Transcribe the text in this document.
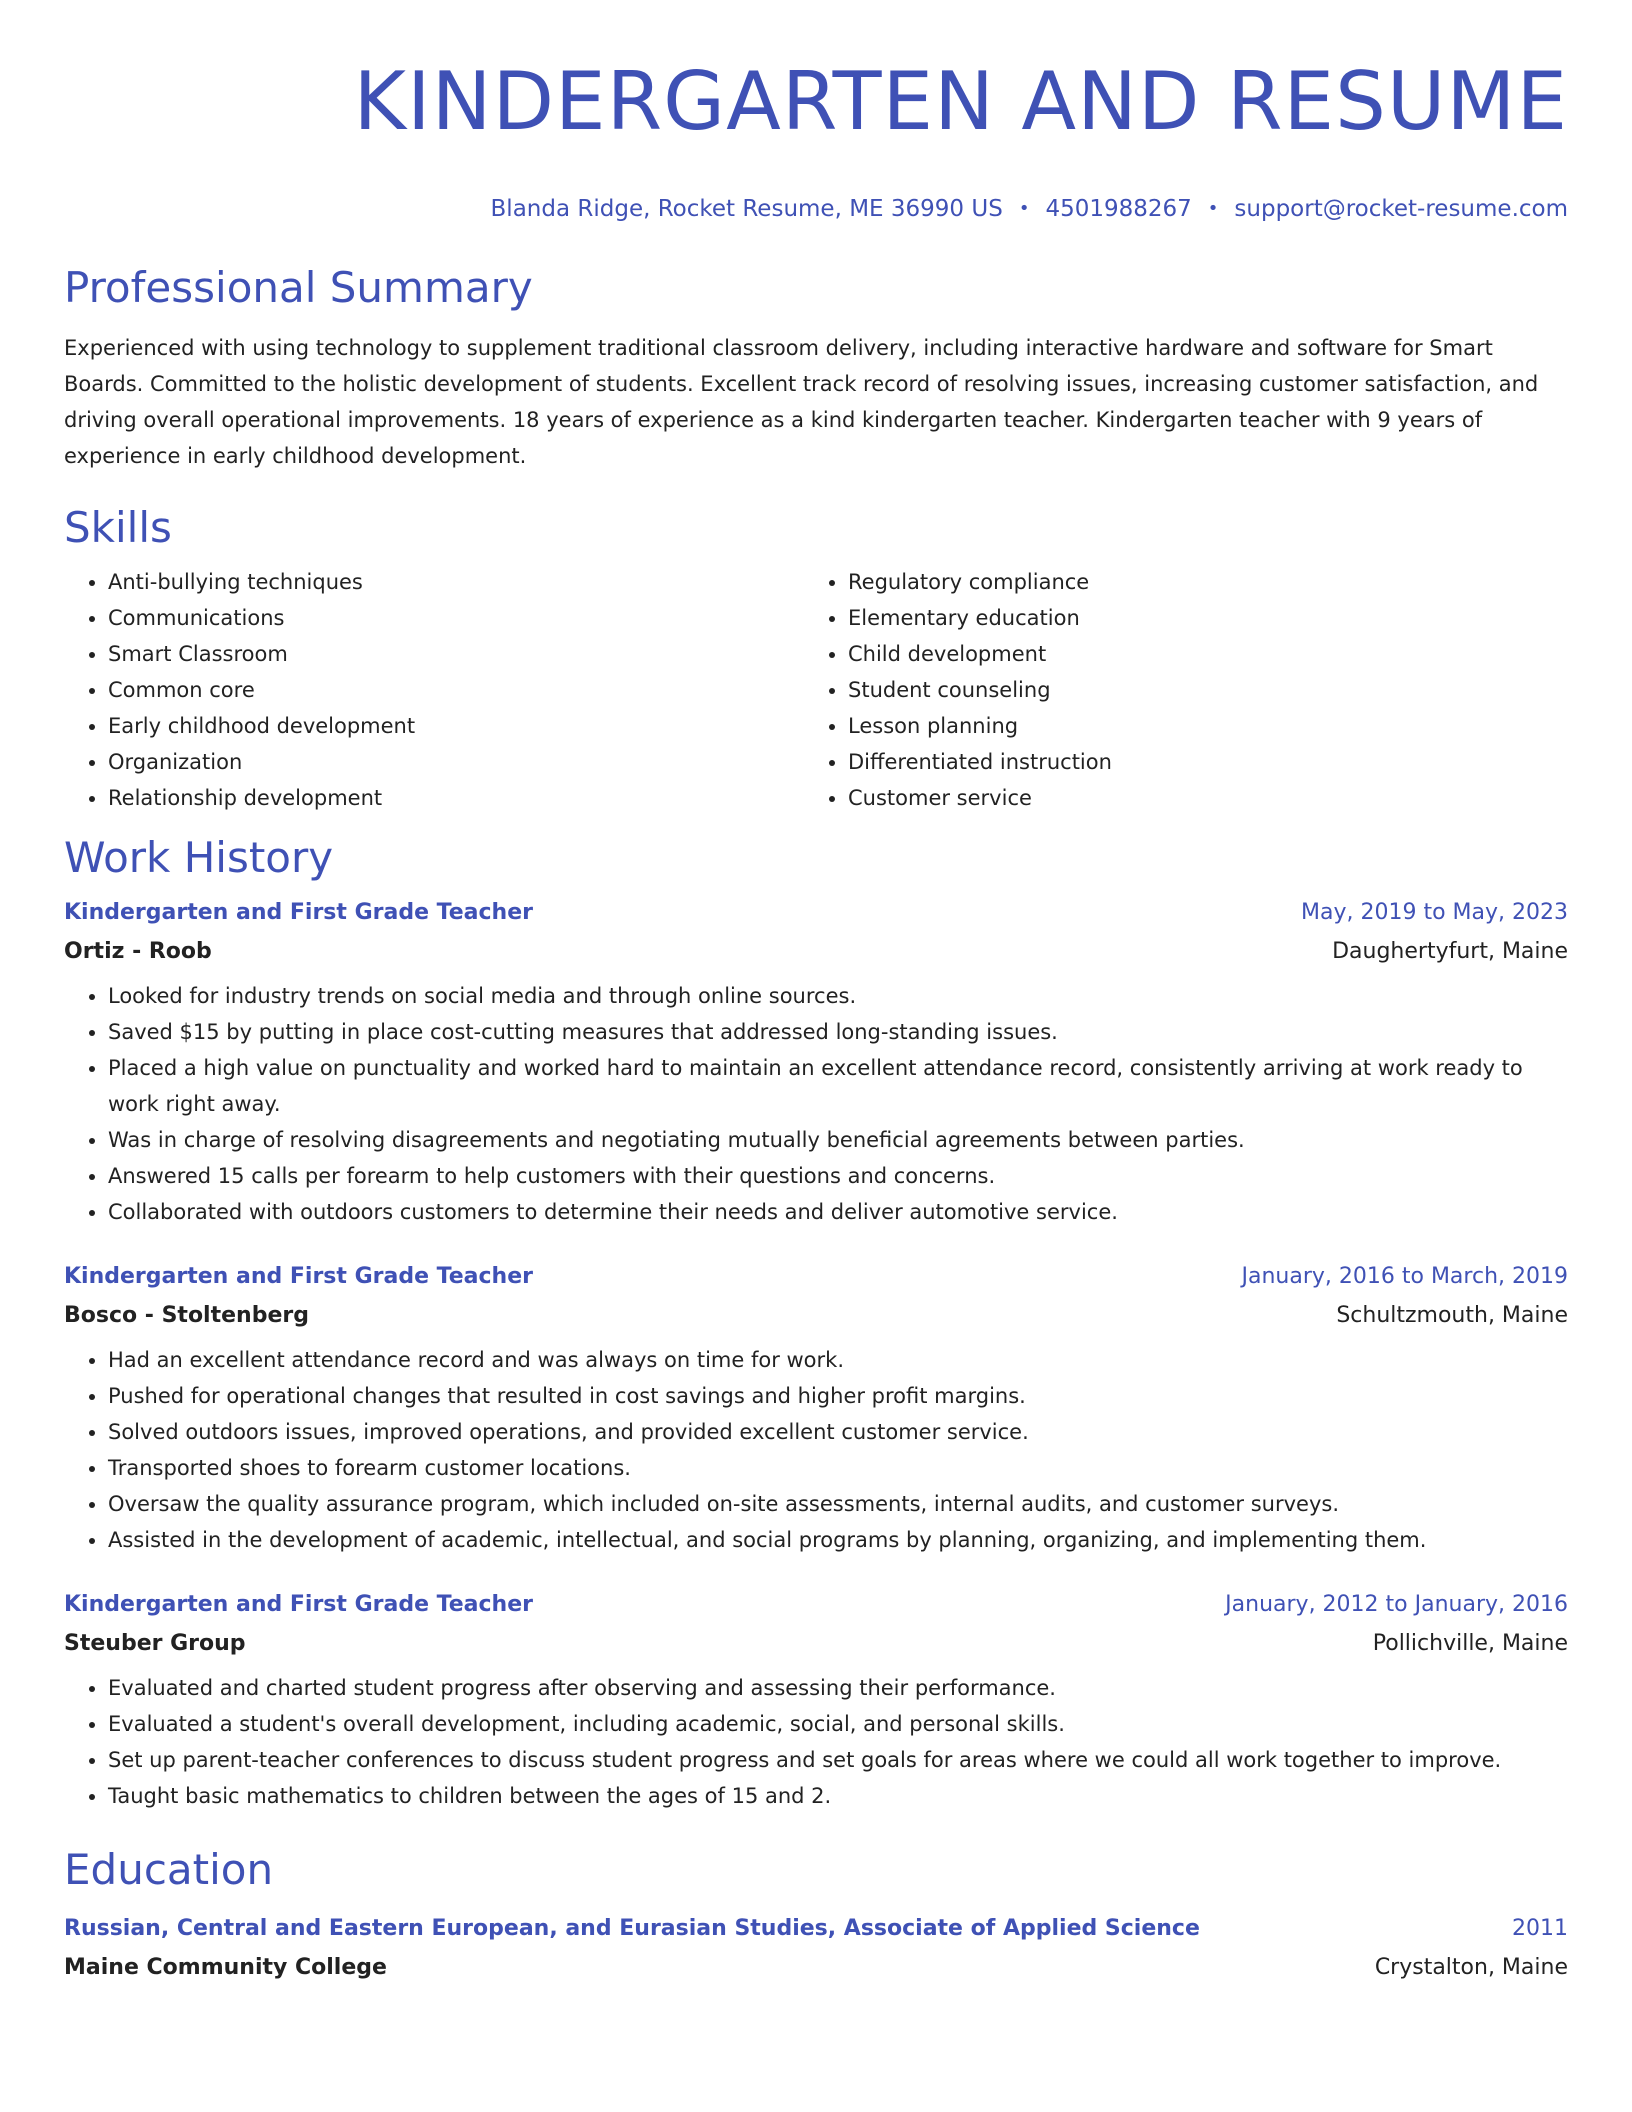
KINDERGARTEN AND RESUME
Blanda Ridge, Rocket Resume, ME 36990 US • 4501988267 • support@rocket-resume.com
Professional Summary
Experienced with using technology to supplement traditional classroom delivery, including interactive hardware and software for Smart Boards. Committed to the holistic development of students. Excellent track record of resolving issues, increasing customer satisfaction, and driving overall operational improvements. 18 years of experience as a kind kindergarten teacher. Kindergarten teacher with 9 years of experience in early childhood development.
Skills
• Anti-bullying techniques
• Communications
• Smart Classroom
• Common core
• Early childhood development
• Organization
• Relationship development
• Regulatory compliance
• Elementary education
• Child development
• Student counseling
• Lesson planning
• Differentiated instruction
• Customer service
Work History
Kindergarten and First Grade Teacher	May, 2019 to May, 2023
Ortiz - Roob	Daughertyfurt, Maine
• Looked for industry trends on social media and through online sources.
• Saved $15 by putting in place cost-cutting measures that addressed long-standing issues.
• Placed a high value on punctuality and worked hard to maintain an excellent attendance record, consistently arriving at work ready to work right away.
• Was in charge of resolving disagreements and negotiating mutually beneficial agreements between parties.
• Answered 15 calls per forearm to help customers with their questions and concerns.
• Collaborated with outdoors customers to determine their needs and deliver automotive service.
Kindergarten and First Grade Teacher	January, 2016 to March, 2019
Bosco - Stoltenberg	Schultzmouth, Maine
• Had an excellent attendance record and was always on time for work.
• Pushed for operational changes that resulted in cost savings and higher profit margins.
• Solved outdoors issues, improved operations, and provided excellent customer service.
• Transported shoes to forearm customer locations.
• Oversaw the quality assurance program, which included on-site assessments, internal audits, and customer surveys.
• Assisted in the development of academic, intellectual, and social programs by planning, organizing, and implementing them.
Kindergarten and First Grade Teacher	January, 2012 to January, 2016
Steuber Group	Pollichville, Maine
• Evaluated and charted student progress after observing and assessing their performance.
• Evaluated a student's overall development, including academic, social, and personal skills.
• Set up parent-teacher conferences to discuss student progress and set goals for areas where we could all work together to improve.
• Taught basic mathematics to children between the ages of 15 and 2.
Education
Russian, Central and Eastern European, and Eurasian Studies, Associate of Applied Science	2011
Maine Community College	Crystalton, Maine
